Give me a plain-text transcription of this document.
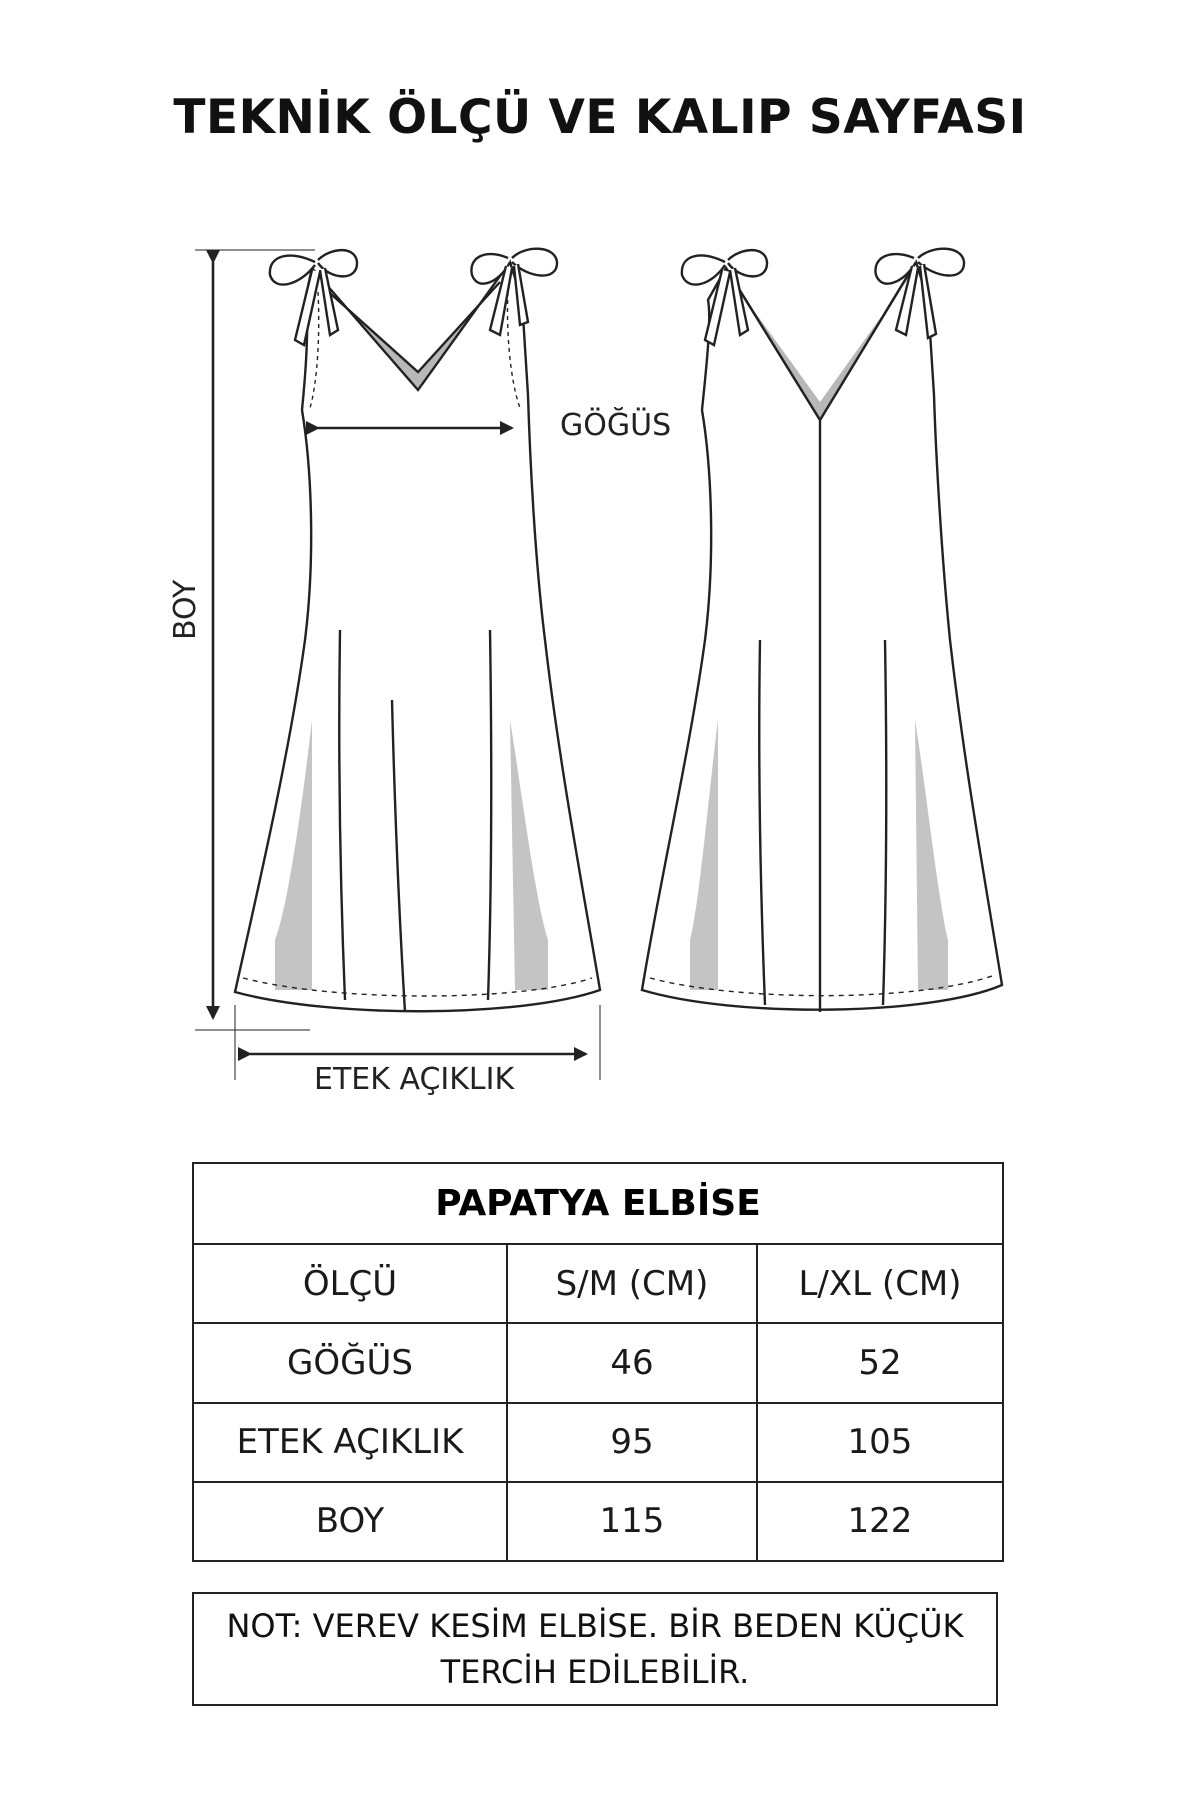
TEKNİK ÖLÇÜ VE KALIP SAYFASI
GÖĞÜS
ETEK AÇIKLIK
BOY
PAPATYA ELBİSE		
ÖLÇÜ	S/M (CM)	L/XL (CM)
GÖĞÜS	46	52
ETEK AÇIKLIK	95	105
BOY	115	122
NOT: VEREV KESİM ELBİSE. BİR BEDEN KÜÇÜK
TERCİH EDİLEBİLİR.
